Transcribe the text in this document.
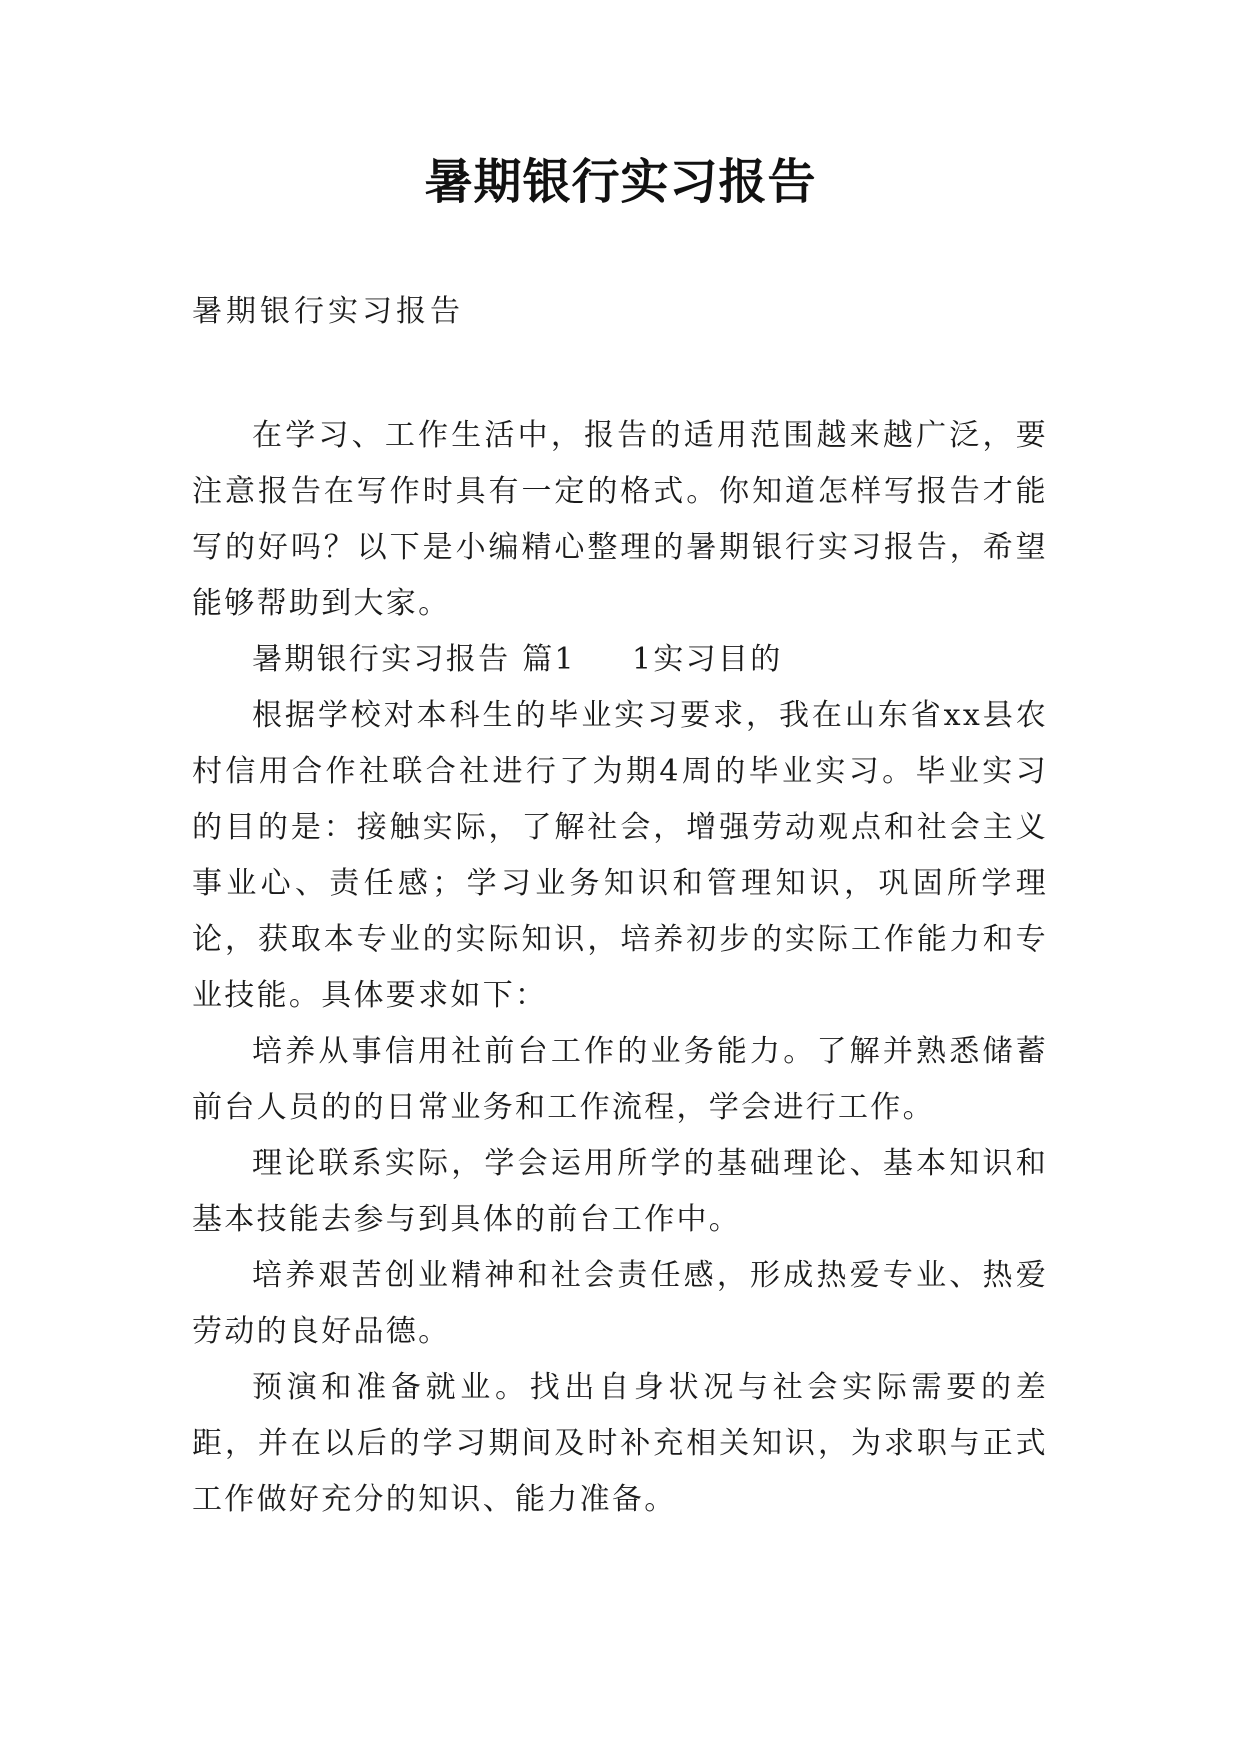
暑期银行实习报告
暑期银行实习报告

在学习、工作生活中，报告的适用范围越来越广泛，要注意报告在写作时具有一定的格式。你知道怎样写报告才能写的好吗？以下是小编精心整理的暑期银行实习报告，希望能够帮助到大家。

暑期银行实习报告 篇1 1实习目的

根据学校对本科生的毕业实习要求，我在山东省xx县农村信用合作社联合社进行了为期4周的毕业实习。毕业实习的目的是：接触实际，了解社会，增强劳动观点和社会主义事业心、责任感；学习业务知识和管理知识，巩固所学理论，获取本专业的实际知识，培养初步的实际工作能力和专业技能。具体要求如下：

培养从事信用社前台工作的业务能力。了解并熟悉储蓄前台人员的的日常业务和工作流程，学会进行工作。

理论联系实际，学会运用所学的基础理论、基本知识和基本技能去参与到具体的前台工作中。

培养艰苦创业精神和社会责任感，形成热爱专业、热爱劳动的良好品德。

预演和准备就业。找出自身状况与社会实际需要的差距，并在以后的学习期间及时补充相关知识，为求职与正式工作做好充分的知识、能力准备。
